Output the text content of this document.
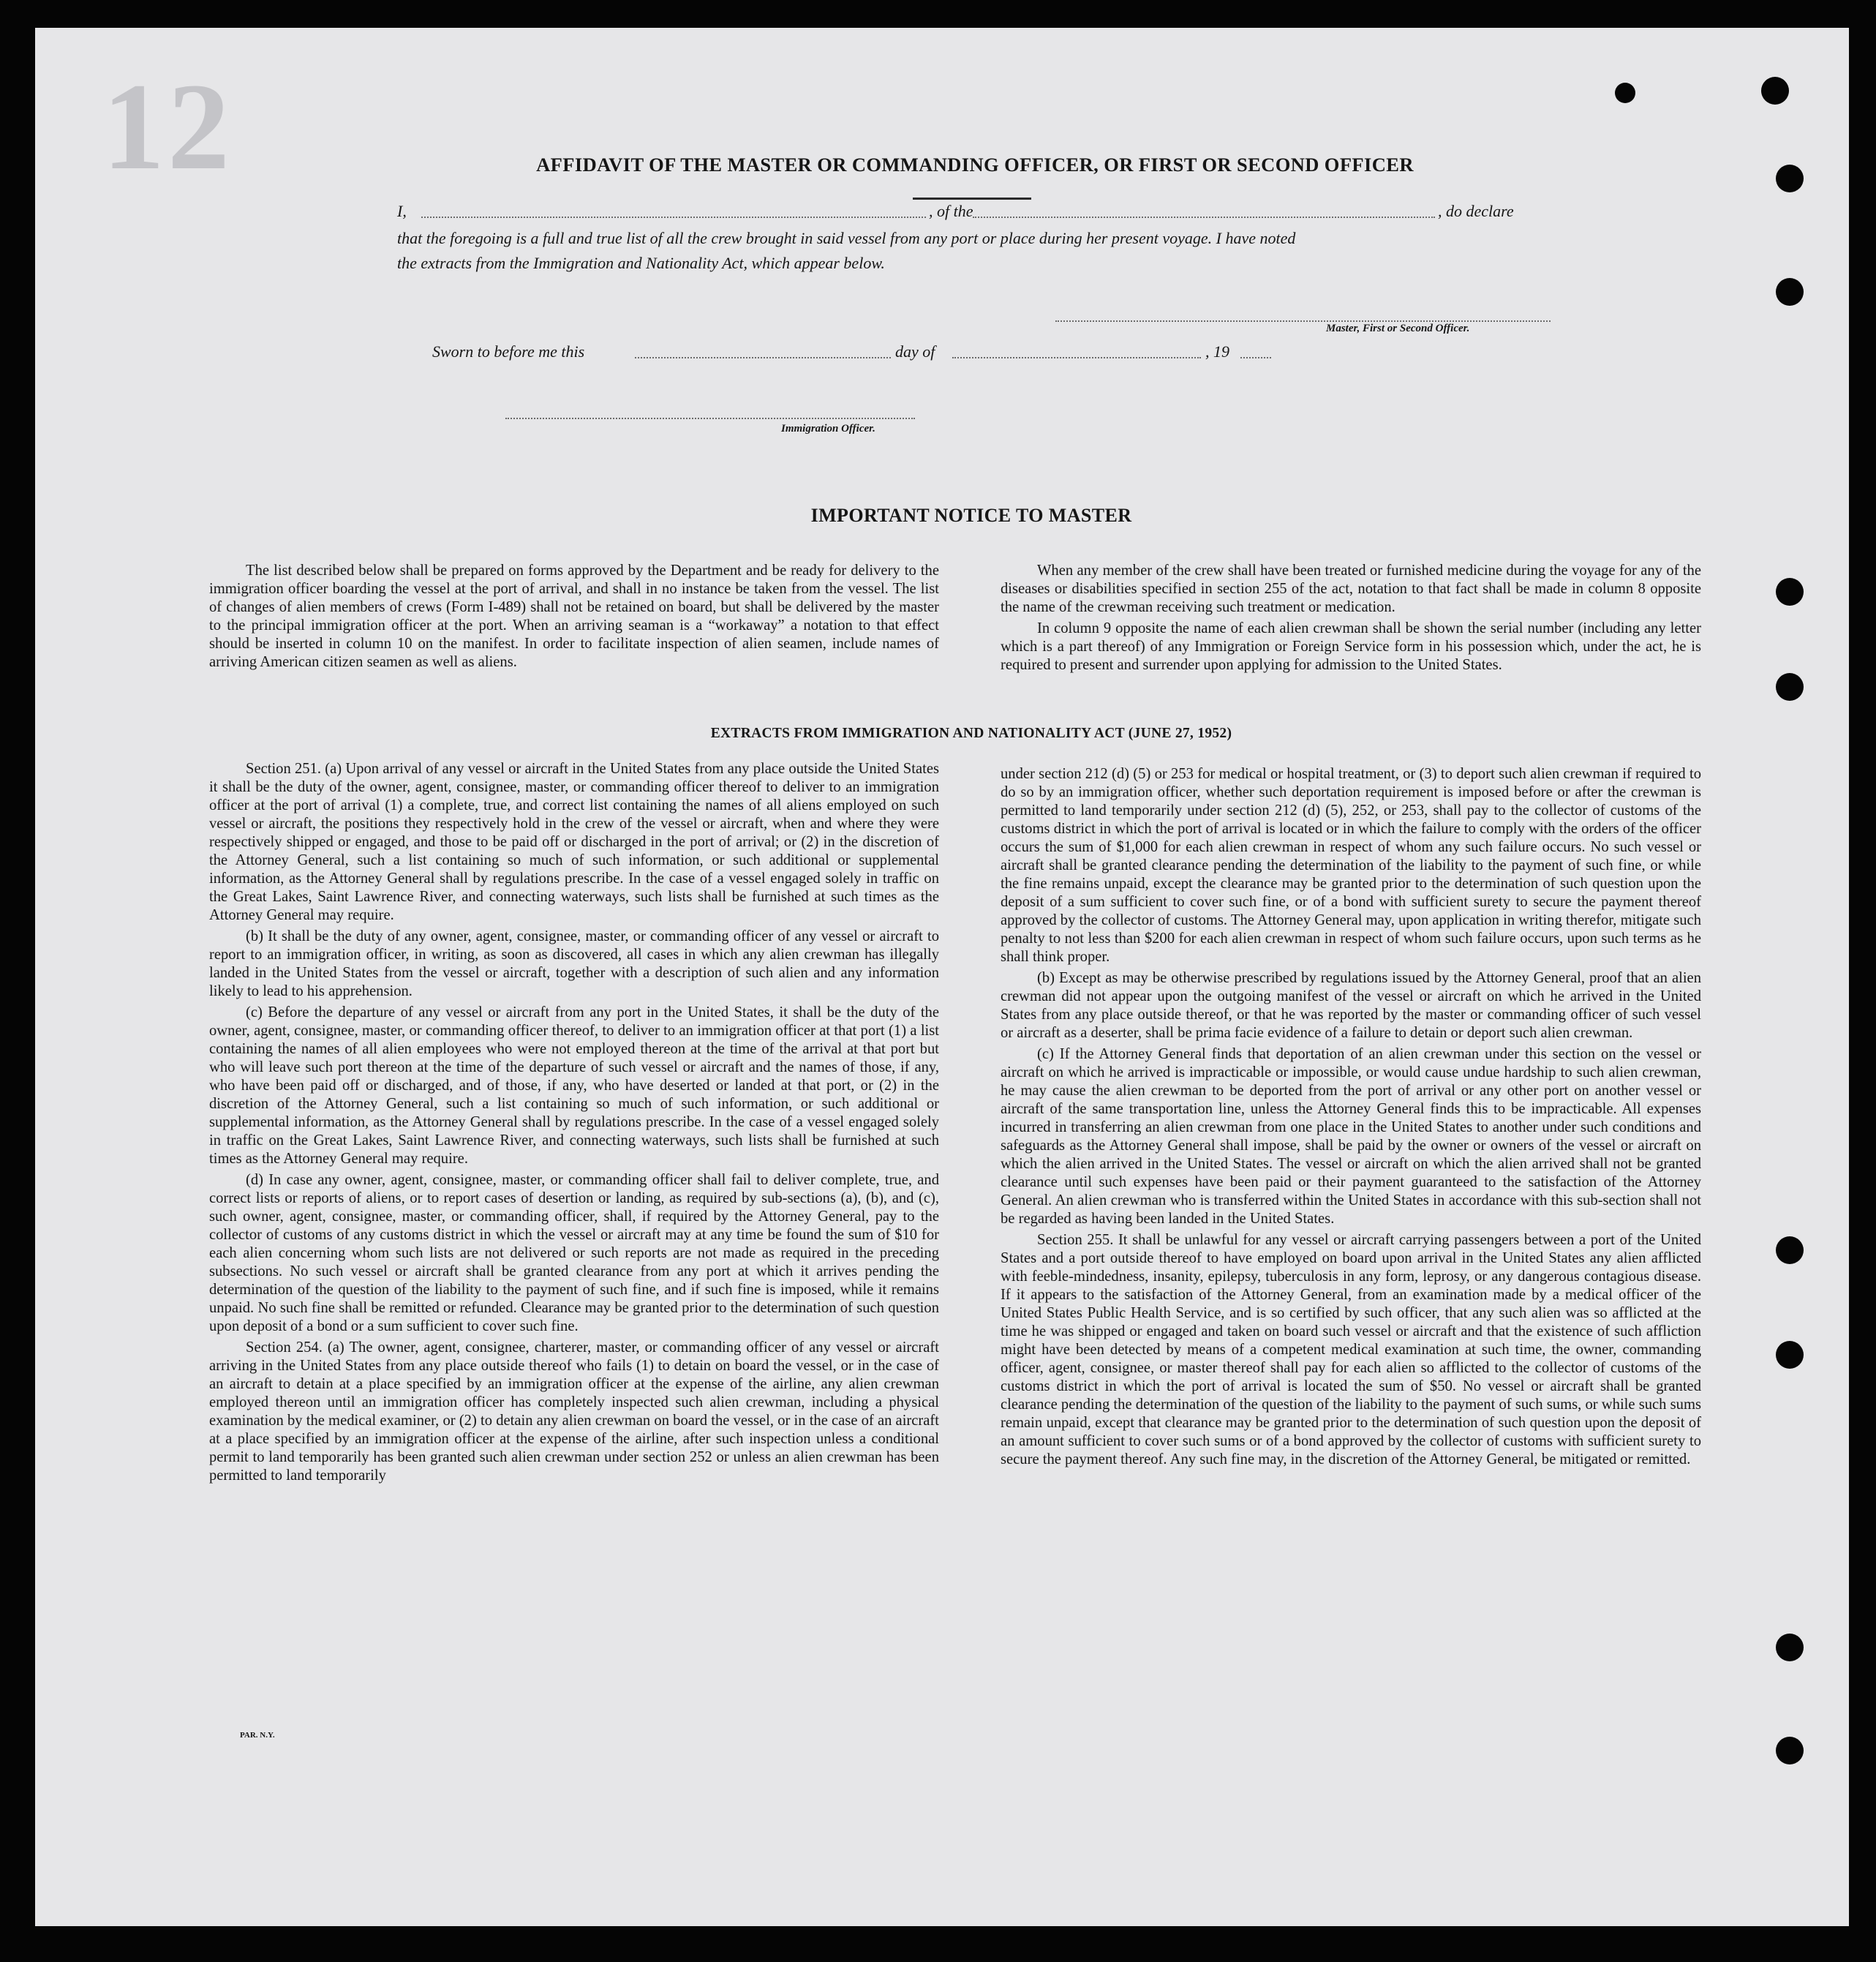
12	AFFIDAVIT OF THE MASTER OR COMMANDING OFFICER, OR FIRST OR SECOND OFFICER
I,	, of the	, do declare
that the foregoing is a full and true list of all the crew brought in said vessel from any port or place during her present voyage. I have noted
the extracts from the Immigration and Nationality Act, which appear below.
Master, First or Second Officer.
Sworn to before me this	day of	, 19
Immigration Officer.
IMPORTANT NOTICE TO MASTER

The list described below shall be prepared on forms approved by the Department and be ready for delivery to the immigration officer boarding the vessel at the port of arrival, and shall in no instance be taken from the vessel. The list of changes of alien members of crews (Form I-489) shall not be retained on board, but shall be delivered by the master to the principal immigration officer at the port. When an arriving seaman is a “workaway” a notation to that effect should be inserted in column 10 on the manifest. In order to facilitate inspection of alien seamen, include names of arriving American citizen seamen as well as aliens.

When any member of the crew shall have been treated or furnished medicine during the voyage for any of the diseases or disabilities specified in section 255 of the act, notation to that fact shall be made in column 8 opposite the name of the crewman receiving such treatment or medication.

In column 9 opposite the name of each alien crewman shall be shown the serial number (including any letter which is a part thereof) of any Immigration or Foreign Service form in his possession which, under the act, he is required to present and surrender upon applying for admission to the United States.

EXTRACTS FROM IMMIGRATION AND NATIONALITY ACT (JUNE 27, 1952)

Section 251. (a) Upon arrival of any vessel or aircraft in the United States from any place outside the United States it shall be the duty of the owner, agent, consignee, master, or commanding officer thereof to deliver to an immigration officer at the port of arrival (1) a complete, true, and correct list containing the names of all aliens employed on such vessel or aircraft, the positions they respectively hold in the crew of the vessel or aircraft, when and where they were respectively shipped or engaged, and those to be paid off or discharged in the port of arrival; or (2) in the discretion of the Attorney General, such a list containing so much of such information, or such additional or supplemental information, as the Attorney General shall by regulations prescribe. In the case of a vessel engaged solely in traffic on the Great Lakes, Saint Lawrence River, and connecting waterways, such lists shall be furnished at such times as the Attorney General may require.

(b) It shall be the duty of any owner, agent, consignee, master, or commanding officer of any vessel or aircraft to report to an immigration officer, in writing, as soon as discovered, all cases in which any alien crewman has illegally landed in the United States from the vessel or aircraft, together with a description of such alien and any information likely to lead to his apprehension.

(c) Before the departure of any vessel or aircraft from any port in the United States, it shall be the duty of the owner, agent, consignee, master, or commanding officer thereof, to deliver to an immigration officer at that port (1) a list containing the names of all alien employees who were not employed thereon at the time of the arrival at that port but who will leave such port thereon at the time of the departure of such vessel or aircraft and the names of those, if any, who have been paid off or discharged, and of those, if any, who have deserted or landed at that port, or (2) in the discretion of the Attorney General, such a list containing so much of such information, or such additional or supplemental information, as the Attorney General shall by regulations prescribe. In the case of a vessel engaged solely in traffic on the Great Lakes, Saint Lawrence River, and connecting waterways, such lists shall be furnished at such times as the Attorney General may require.

(d) In case any owner, agent, consignee, master, or commanding officer shall fail to deliver complete, true, and correct lists or reports of aliens, or to report cases of desertion or landing, as required by sub-sections (a), (b), and (c), such owner, agent, consignee, master, or commanding officer, shall, if required by the Attorney General, pay to the collector of customs of any customs district in which the vessel or aircraft may at any time be found the sum of $10 for each alien concerning whom such lists are not delivered or such reports are not made as required in the preceding subsections. No such vessel or aircraft shall be granted clearance from any port at which it arrives pending the determination of the question of the liability to the payment of such fine, and if such fine is imposed, while it remains unpaid. No such fine shall be remitted or refunded. Clearance may be granted prior to the determination of such question upon deposit of a bond or a sum sufficient to cover such fine.

Section 254. (a) The owner, agent, consignee, charterer, master, or commanding officer of any vessel or aircraft arriving in the United States from any place outside thereof who fails (1) to detain on board the vessel, or in the case of an aircraft to detain at a place specified by an immigration officer at the expense of the airline, any alien crewman employed thereon until an immigration officer has completely inspected such alien crewman, including a physical examination by the medical examiner, or (2) to detain any alien crewman on board the vessel, or in the case of an aircraft at a place specified by an immigration officer at the expense of the airline, after such inspection unless a conditional permit to land temporarily has been granted such alien crewman under section 252 or unless an alien crewman has been permitted to land temporarily

under section 212 (d) (5) or 253 for medical or hospital treatment, or (3) to deport such alien crewman if required to do so by an immigration officer, whether such deportation requirement is imposed before or after the crewman is permitted to land temporarily under section 212 (d) (5), 252, or 253, shall pay to the collector of customs of the customs district in which the port of arrival is located or in which the failure to comply with the orders of the officer occurs the sum of $1,000 for each alien crewman in respect of whom any such failure occurs. No such vessel or aircraft shall be granted clearance pending the determination of the liability to the payment of such fine, or while the fine remains unpaid, except the clearance may be granted prior to the determination of such question upon the deposit of a sum sufficient to cover such fine, or of a bond with sufficient surety to secure the payment thereof approved by the collector of customs. The Attorney General may, upon application in writing therefor, mitigate such penalty to not less than $200 for each alien crewman in respect of whom such failure occurs, upon such terms as he shall think proper.

(b) Except as may be otherwise prescribed by regulations issued by the Attorney General, proof that an alien crewman did not appear upon the outgoing manifest of the vessel or aircraft on which he arrived in the United States from any place outside thereof, or that he was reported by the master or commanding officer of such vessel or aircraft as a deserter, shall be prima facie evidence of a failure to detain or deport such alien crewman.

(c) If the Attorney General finds that deportation of an alien crewman under this section on the vessel or aircraft on which he arrived is impracticable or impossible, or would cause undue hardship to such alien crewman, he may cause the alien crewman to be deported from the port of arrival or any other port on another vessel or aircraft of the same transportation line, unless the Attorney General finds this to be impracticable. All expenses incurred in transferring an alien crewman from one place in the United States to another under such conditions and safeguards as the Attorney General shall impose, shall be paid by the owner or owners of the vessel or aircraft on which the alien arrived in the United States. The vessel or aircraft on which the alien arrived shall not be granted clearance until such expenses have been paid or their payment guaranteed to the satisfaction of the Attorney General. An alien crewman who is transferred within the United States in accordance with this sub-section shall not be regarded as having been landed in the United States.

Section 255. It shall be unlawful for any vessel or aircraft carrying passengers between a port of the United States and a port outside thereof to have employed on board upon arrival in the United States any alien afflicted with feeble-mindedness, insanity, epilepsy, tuberculosis in any form, leprosy, or any dangerous contagious disease. If it appears to the satisfaction of the Attorney General, from an examination made by a medical officer of the United States Public Health Service, and is so certified by such officer, that any such alien was so afflicted at the time he was shipped or engaged and taken on board such vessel or aircraft and that the existence of such affliction might have been detected by means of a competent medical examination at such time, the owner, commanding officer, agent, consignee, or master thereof shall pay for each alien so afflicted to the collector of customs of the customs district in which the port of arrival is located the sum of $50. No vessel or aircraft shall be granted clearance pending the determination of the question of the liability to the payment of such sums, or while such sums remain unpaid, except that clearance may be granted prior to the determination of such question upon the deposit of an amount sufficient to cover such sums or of a bond approved by the collector of customs with sufficient surety to secure the payment thereof. Any such fine may, in the discretion of the Attorney General, be mitigated or remitted.

PAR. N.Y.
